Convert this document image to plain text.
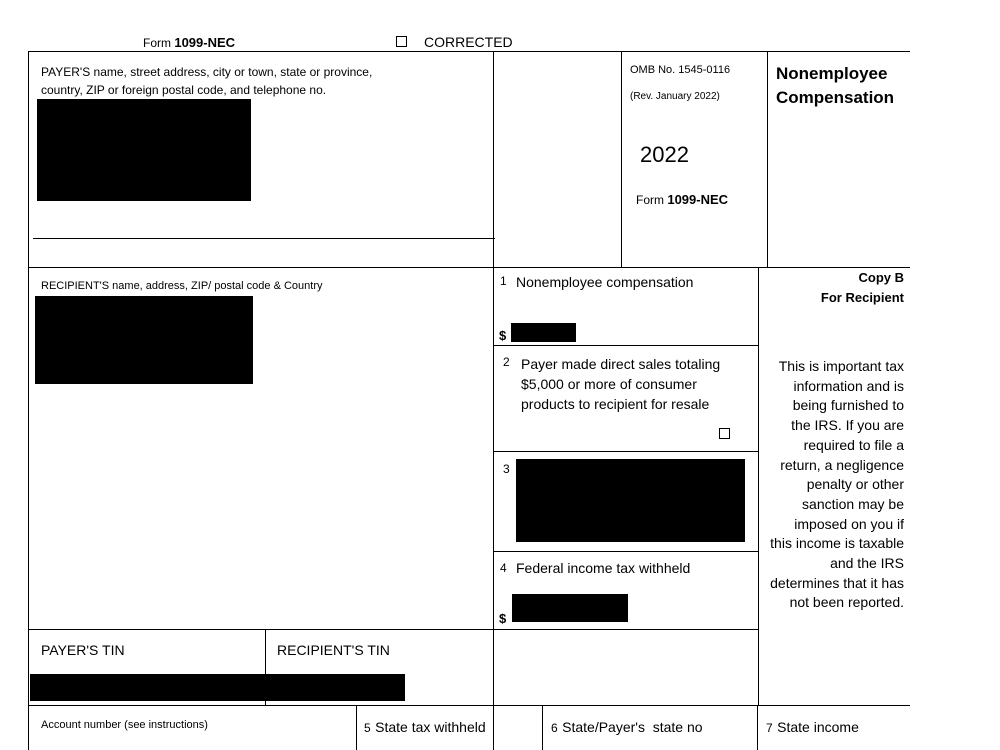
Form 1099-NEC	CORRECTED
PAYER'S name, street address, city or town, state or province,
country, ZIP or foreign postal code, and telephone no.
OMB No. 1545-0116
(Rev. January 2022)
2022
Form 1099-NEC
Nonemployee
Compensation
RECIPIENT'S name, address, ZIP/ postal code & Country	1 Nonemployee compensation
$
2 Payer made direct sales totaling
$5,000 or more of consumer
products to recipient for resale
3
4 Federal income tax withheld
$
Copy B
For Recipient
This is important tax
information and is
being furnished to
the IRS. If you are
required to file a
return, a negligence
penalty or other
sanction may be
imposed on you if
this income is taxable
and the IRS
determines that it has
not been reported.
PAYER'S TIN	RECIPIENT'S TIN
Account number (see instructions)	5 State tax withheld	6 State/Payer's  state no	7 State income
